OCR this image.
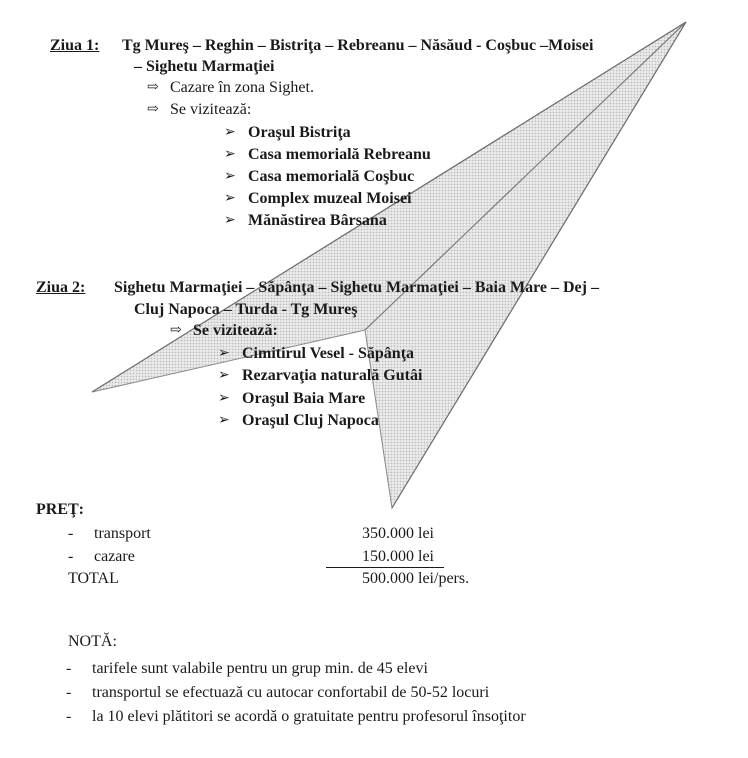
Ziua 1: Tg Mureş – Reghin – Bistriţa – Rebreanu – Năsăud - Coşbuc –Moisei
– Sighetu Marmaţiei
⇨ Cazare în zona Sighet.
⇨ Se vizitează:
➢ Oraşul Bistriţa
➢ Casa memorială Rebreanu
➢ Casa memorială Coşbuc
➢ Complex muzeal Moisei
➢ Mănăstirea Bârsana
Ziua 2: Sighetu Marmaţiei – Săpânţa – Sighetu Marmaţiei – Baia Mare – Dej –
Cluj Napoca – Turda - Tg Mureş
⇨ Se vizitează:
➢ Cimitirul Vesel - Săpânţa
➢ Rezarvaţia naturală Gutâi
➢ Oraşul Baia Mare
➢ Oraşul Cluj Napoca
PREŢ:
- transport	350.000 lei
- cazare	150.000 lei
TOTAL	500.000 lei/pers.
NOTĂ:
- tarifele sunt valabile pentru un grup min. de 45 elevi
- transportul se efectuază cu autocar confortabil de 50-52 locuri
- la 10 elevi plătitori se acordă o gratuitate pentru profesorul însoţitor
